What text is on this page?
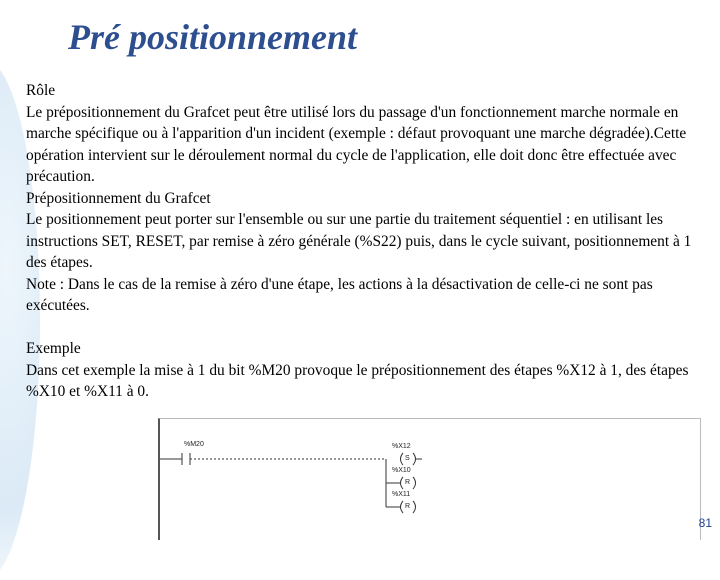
Pré positionnement

Rôle

Le prépositionnement du Grafcet peut être utilisé lors du passage d'un fonctionnement marche normale en marche spécifique ou à l'apparition d'un incident (exemple : défaut provoquant une marche dégradée).Cette opération intervient sur le déroulement normal du cycle de l'application, elle doit donc être effectuée avec précaution.

Prépositionnement du Grafcet

Le positionnement peut porter sur l'ensemble ou sur une partie du traitement séquentiel : en utilisant les instructions SET, RESET, par remise à zéro générale (%S22) puis, dans le cycle suivant, positionnement à 1 des étapes.

Note : Dans le cas de la remise à zéro d'une étape, les actions à la désactivation de celle-ci ne sont pas exécutées.

Exemple

Dans cet exemple la mise à 1 du bit %M20 provoque le prépositionnement des étapes %X12 à 1, des étapes %X10 et %X11 à 0.

%M20	%X12
S
%X10
R
%X11
R
81
